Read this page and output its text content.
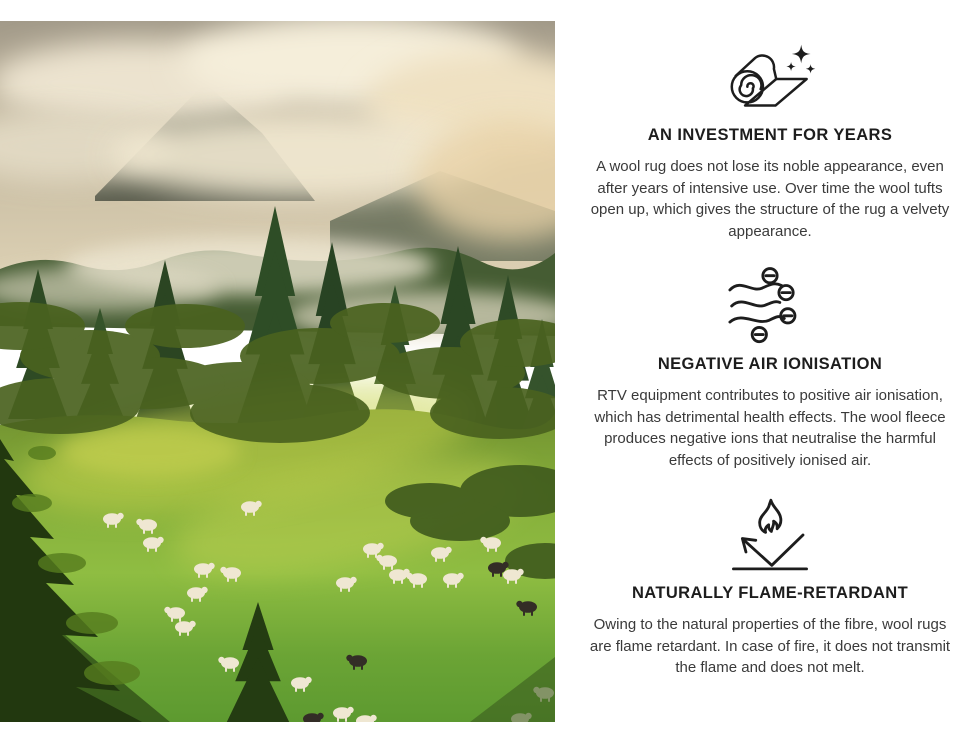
AN INVESTMENT FOR YEARS

A wool rug does not lose its noble appearance, even after years of intensive use. Over time the wool tufts open up, which gives the structure of the rug a velvety appearance.

NEGATIVE AIR IONISATION

RTV equipment contributes to positive air ionisation, which has detrimental health effects. The wool fleece produces negative ions that neutralise the harmful effects of positively ionised air.

NATURALLY FLAME-RETARDANT

Owing to the natural properties of the fibre, wool rugs are flame retardant. In case of fire, it does not transmit the flame and does not melt.
